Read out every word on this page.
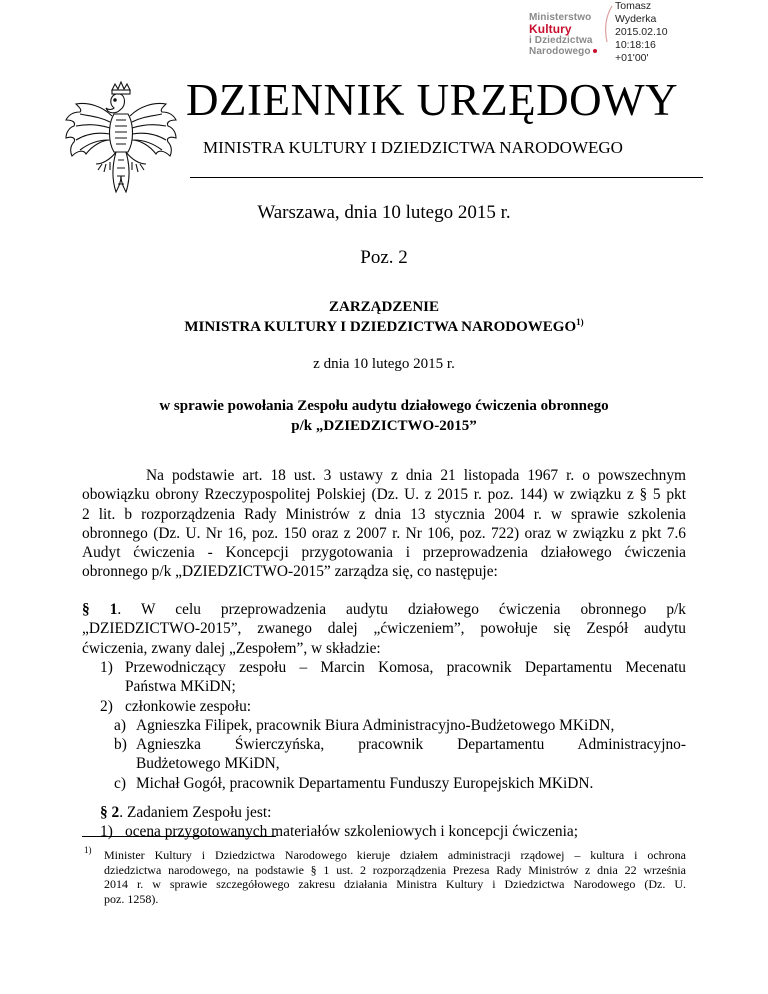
Ministerstwo
Kultury
i Dziedzictwa
Narodowego
Tomasz
Wyderka
2015.02.10
10:18:16
+01'00'
DZIENNIK URZĘDOWY
MINISTRA KULTURY I DZIEDZICTWA NARODOWEGO
Warszawa, dnia 10 lutego 2015 r.
Poz. 2
ZARZĄDZENIE
MINISTRA KULTURY I DZIEDZICTWA NARODOWEGO$^{1)}$
z dnia 10 lutego 2015 r.
w sprawie powołania Zespołu audytu działowego ćwiczenia obronnego
p/k „DZIEDZICTWO-2015”
Na podstawie art. 18 ust. 3 ustawy z dnia 21 listopada 1967 r. o powszechnym
obowiązku obrony Rzeczypospolitej Polskiej (Dz. U. z 2015 r. poz. 144) w związku z § 5 pkt
2 lit. b rozporządzenia Rady Ministrów z dnia 13 stycznia 2004 r. w sprawie szkolenia
obronnego (Dz. U. Nr 16, poz. 150 oraz z 2007 r. Nr 106, poz. 722) oraz w związku z pkt 7.6
Audyt ćwiczenia - Koncepcji przygotowania i przeprowadzenia działowego ćwiczenia
obronnego p/k „DZIEDZICTWO-2015” zarządza się, co następuje:
§ 1. W celu przeprowadzenia audytu działowego ćwiczenia obronnego p/k
„DZIEDZICTWO-2015”, zwanego dalej „ćwiczeniem”, powołuje się Zespół audytu
ćwiczenia, zwany dalej „Zespołem”, w składzie:
1) Przewodniczący zespołu – Marcin Komosa, pracownik Departamentu Mecenatu
Państwa MKiDN;
2) członkowie zespołu:
a) Agnieszka Filipek, pracownik Biura Administracyjno-Budżetowego MKiDN,
b) Agnieszka Świerczyńska, pracownik Departamentu Administracyjno-
Budżetowego MKiDN,
c) Michał Gogół, pracownik Departamentu Funduszy Europejskich MKiDN.
§ 2. Zadaniem Zespołu jest:
1) ocena przygotowanych materiałów szkoleniowych i koncepcji ćwiczenia;
1) Minister Kultury i Dziedzictwa Narodowego kieruje działem administracji rządowej – kultura i ochrona
dziedzictwa narodowego, na podstawie § 1 ust. 2 rozporządzenia Prezesa Rady Ministrów z dnia 22 września
2014 r. w sprawie szczegółowego zakresu działania Ministra Kultury i Dziedzictwa Narodowego (Dz. U.
poz. 1258).
